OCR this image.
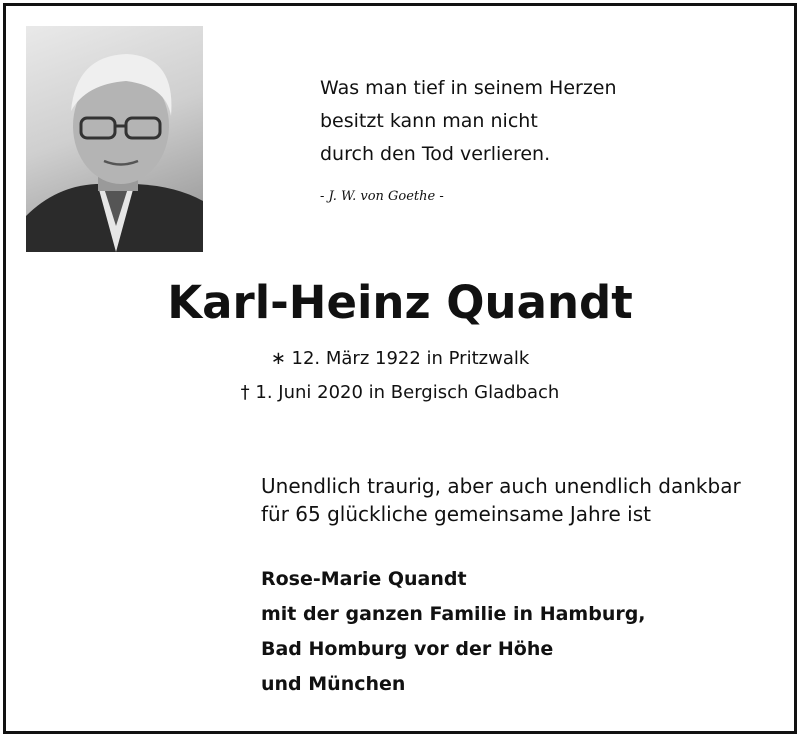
Was man tief in seinem Herzen
besitzt kann man nicht
durch den Tod verlieren.
- J. W. von Goethe -
Karl-Heinz Quandt
∗ 12. März 1922 in Pritzwalk
† 1. Juni 2020 in Bergisch Gladbach
Unendlich traurig, aber auch unendlich dankbar
für 65 glückliche gemeinsame Jahre ist
Rose-Marie Quandt
mit der ganzen Familie in Hamburg,
Bad Homburg vor der Höhe
und München
